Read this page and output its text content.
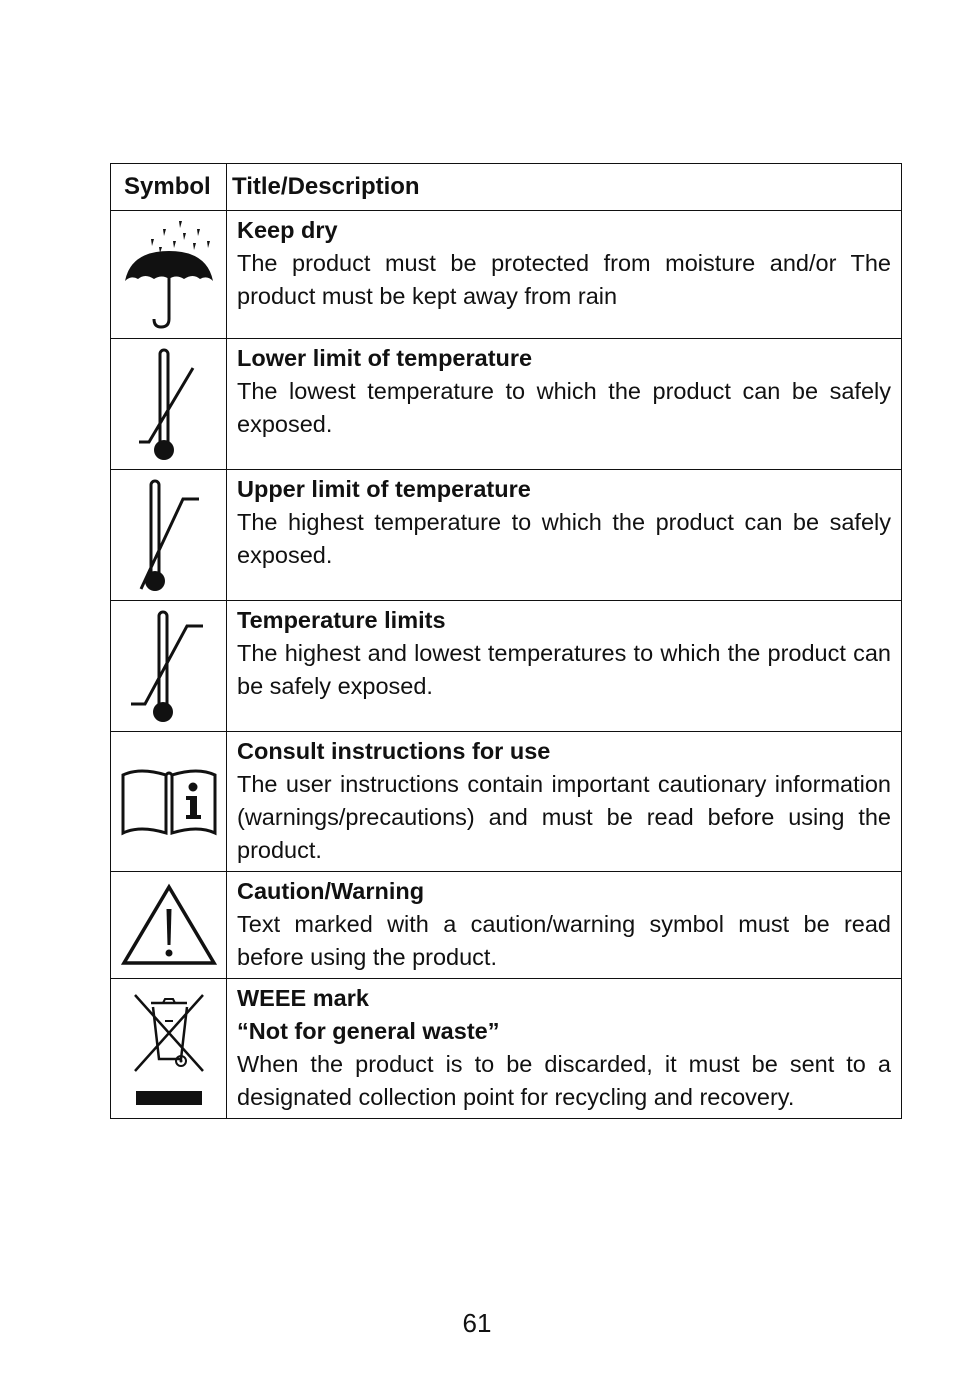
Symbol	Title/Description

Keep dry
The product must be protected from moisture and/or The product must be kept away from rain

Lower limit of temperature
The lowest temperature to which the product can be safely exposed.

Upper limit of temperature
The highest temperature to which the product can be safely exposed.

Temperature limits
The highest and lowest temperatures to which the product can be safely exposed.

Consult instructions for use
The user instructions contain important cautionary information (warnings/precautions) and must be read before using the product.

Caution/Warning
Text marked with a caution/warning symbol must be read before using the product.

WEEE mark
“Not for general waste”
When the product is to be discarded, it must be sent to a designated collection point for recycling and recovery.
61
